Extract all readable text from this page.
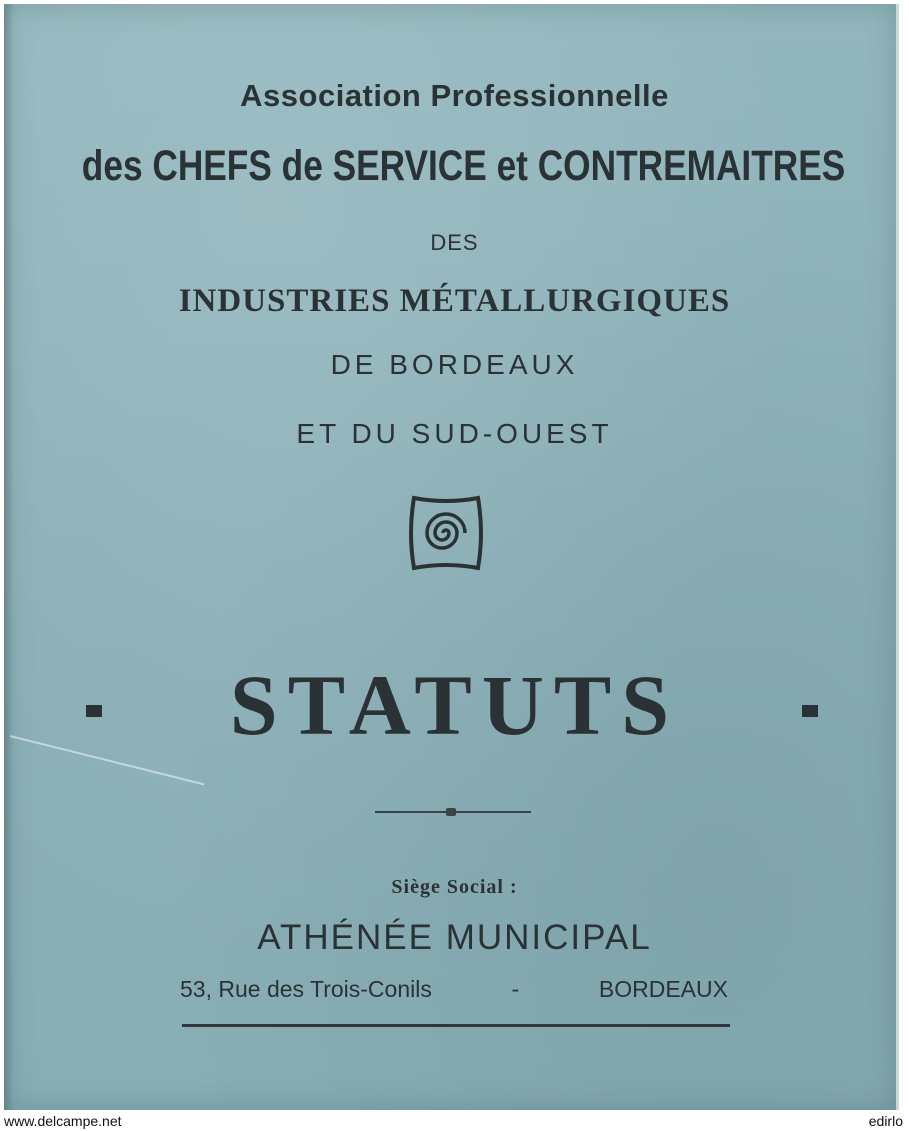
Association Professionnelle
des CHEFS de SERVICE et CONTREMAITRES
DES
INDUSTRIES MÉTALLURGIQUES
DE BORDEAUX
ET DU SUD-OUEST
STATUTS
Siège Social :
ATHÉNÉE MUNICIPAL
53, Rue des Trois-Conils	-	BORDEAUX
www.delcampe.net	edirlo
